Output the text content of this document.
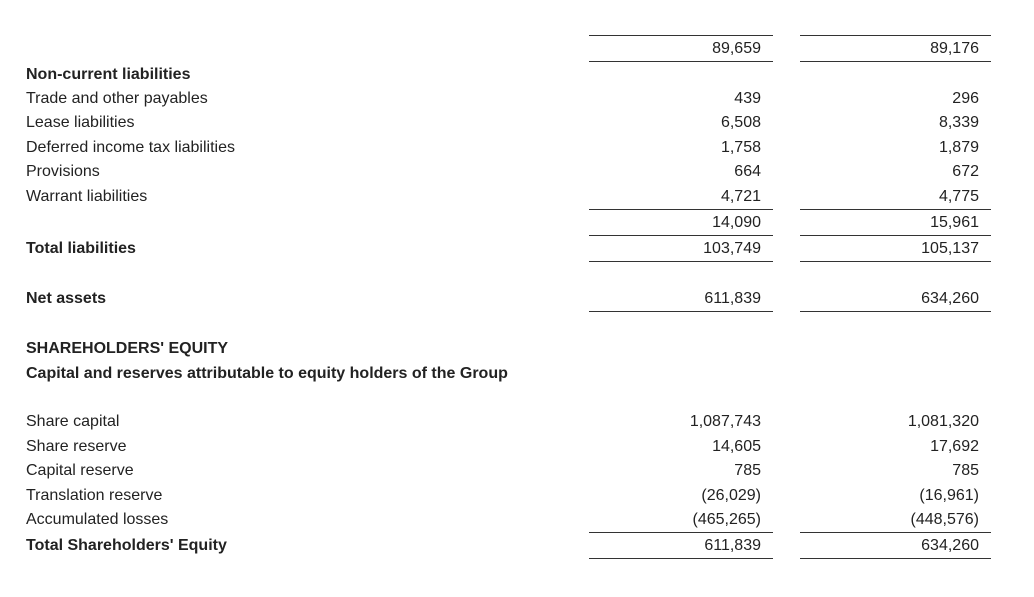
89,659	89,176
Non-current liabilities
Trade and other payables	439	296
Lease liabilities	6,508	8,339
Deferred income tax liabilities	1,758	1,879
Provisions	664	672
Warrant liabilities	4,721	4,775
14,090	15,961
Total liabilities	103,749	105,137
Net assets	611,839	634,260
SHAREHOLDERS' EQUITY
Capital and reserves attributable to equity holders of the Group
Share capital	1,087,743	1,081,320
Share reserve	14,605	17,692
Capital reserve	785	785
Translation reserve	(26,029)	(16,961)
Accumulated losses	(465,265)	(448,576)
Total Shareholders' Equity	611,839	634,260
